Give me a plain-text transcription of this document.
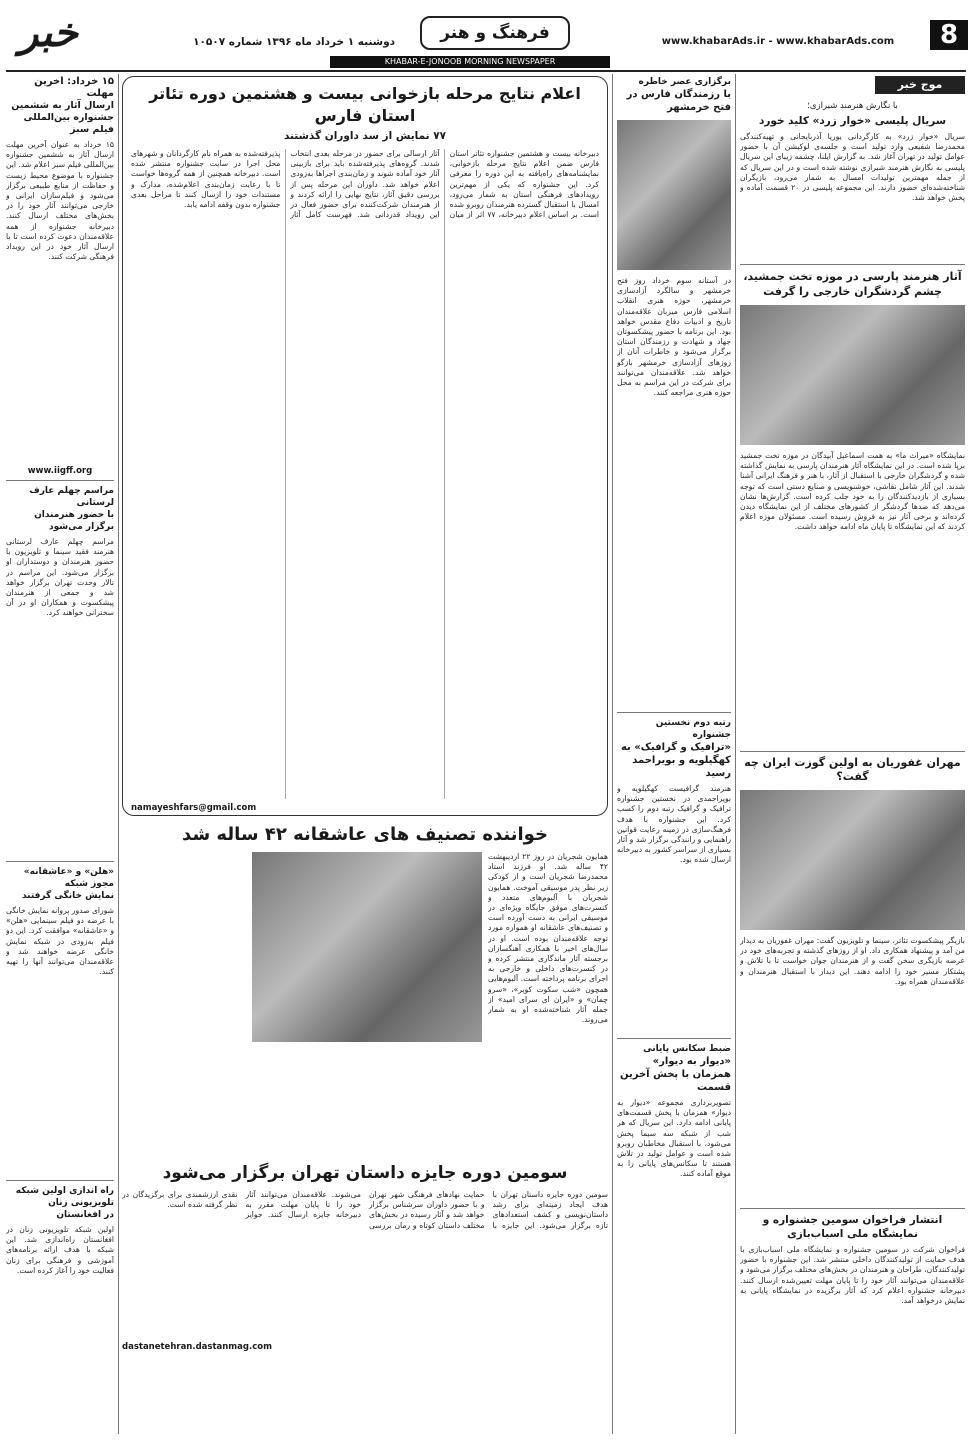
8
www.khabarAds.ir - www.khabarAds.com
فرهنگ و هنر
دوشنبه ۱ خرداد ماه ۱۳۹۶ شماره ۱۰۵۰۷
خبر
KHABAR-E-JONOOB MORNING NEWSPAPER
موج خبر
با نگارش هنرمند شیرازی؛
سریال پلیسی «خوار زرد» کلید خورد
سریال «خوار زرد» به کارگردانی یوریا آذربایجانی و تهیه‌کنندگی محمدرضا شفیعی وارد تولید است و جلسه‌ی لوکیشن آن با حضور عوامل تولید در تهران آغاز شد. به گزارش ایلنا، چشمه زیبای این سریال پلیسی به نگارش هنرمند شیرازی نوشته شده است و در این سریال که از جمله مهمترین تولیدات امسال به شمار می‌رود، بازیگران شناخته‌شده‌ای حضور دارند. این مجموعه پلیسی در ۲۰ قسمت آماده و پخش خواهد شد.
آثار هنرمند پارسی در موزه تخت جمشید، چشم گردشگران خارجی را گرفت
نمایشگاه «میراث ما» به همت اسماعیل آبیدگان در موزه تخت جمشید برپا شده است. در این نمایشگاه آثار هنرمندان پارسی به نمایش گذاشته شده و گردشگران خارجی با استقبال از آثار، با هنر و فرهنگ ایرانی آشنا شدند. این آثار شامل نقاشی، خوشنویسی و صنایع دستی است که توجه بسیاری از بازدیدکنندگان را به خود جلب کرده است. گزارش‌ها نشان می‌دهد که صدها گردشگر از کشورهای مختلف از این نمایشگاه دیدن کرده‌اند و برخی آثار نیز به فروش رسیده است. مسئولان موزه اعلام کردند که این نمایشگاه تا پایان ماه ادامه خواهد داشت.
مهران غفوریان به اولین گوزت ایران چه گفت؟
بازیگر پیشکسوت تئاتر، سینما و تلویزیون گفت: مهران غفوریان به دیدار من آمد و پیشنهاد همکاری داد. او از روزهای گذشته و تجربه‌های خود در عرصه بازیگری سخن گفت و از هنرمندان جوان خواست تا با تلاش و پشتکار مسیر خود را ادامه دهند. این دیدار با استقبال هنرمندان و علاقه‌مندان همراه بود.
انتشار فراخوان سومین جشنواره و نمایشگاه ملی اسباب‌بازی
فراخوان شرکت در سومین جشنواره و نمایشگاه ملی اسباب‌بازی با هدف حمایت از تولیدکنندگان داخلی منتشر شد. این جشنواره با حضور تولیدکنندگان، طراحان و هنرمندان در بخش‌های مختلف برگزار می‌شود و علاقه‌مندان می‌توانند آثار خود را تا پایان مهلت تعیین‌شده ارسال کنند. دبیرخانه جشنواره اعلام کرد که آثار برگزیده در نمایشگاه پایانی به نمایش درخواهد آمد.
برگزاری عصر خاطره
با رزمندگان فارس در فتح خرمشهر
در آستانه سوم خرداد روز فتح خرمشهر و سالگرد آزادسازی خرمشهر، حوزه هنری انقلاب اسلامی فارس میزبان علاقه‌مندان تاریخ و ادبیات دفاع مقدس خواهد بود. این برنامه با حضور پیشکسوتان جهاد و شهادت و رزمندگان استان برگزار می‌شود و خاطرات آنان از روزهای آزادسازی خرمشهر بازگو خواهد شد. علاقه‌مندان می‌توانند برای شرکت در این مراسم به محل حوزه هنری مراجعه کنند.
رتبه دوم نخستین جشنواره
«ترافیک و گرافیک» به کهگیلویه و بویراحمد رسید
هنرمند گرافیست کهگیلویه و بویراحمدی در نخستین جشنواره ترافیک و گرافیک رتبه دوم را کسب کرد. این جشنواره با هدف فرهنگ‌سازی در زمینه رعایت قوانین راهنمایی و رانندگی برگزار شد و آثار بسیاری از سراسر کشور به دبیرخانه ارسال شده بود.
ضبط سکانس پایانی
«دیوار به دیوار» همزمان با پخش آخرین قسمت
تصویربرداری مجموعه «دیوار به دیوار» همزمان با پخش قسمت‌های پایانی ادامه دارد. این سریال که هر شب از شبکه سه سیما پخش می‌شود، با استقبال مخاطبان روبرو شده است و عوامل تولید در تلاش هستند تا سکانس‌های پایانی را به موقع آماده کنند.
اعلام نتایج مرحله بازخوانی بیست و هشتمین دوره تئاتر استان فارس
۷۷ نمایش از سد داوران گذشتند
دبیرخانه بیست و هشتمین جشنواره تئاتر استان فارس ضمن اعلام نتایج مرحله بازخوانی، نمایشنامه‌های راه‌یافته به این دوره را معرفی کرد. این جشنواره که یکی از مهم‌ترین رویدادهای فرهنگی استان به شمار می‌رود، امسال با استقبال گسترده هنرمندان روبرو شده است. بر اساس اعلام دبیرخانه، ۷۷ اثر از میان آثار ارسالی برای حضور در مرحله بعدی انتخاب شدند. گروه‌های پذیرفته‌شده باید برای بازبینی آثار خود آماده شوند و زمان‌بندی اجراها به‌زودی اعلام خواهد شد. داوران این مرحله پس از بررسی دقیق آثار، نتایج نهایی را ارائه کردند و از هنرمندان شرکت‌کننده برای حضور فعال در این رویداد قدردانی شد. فهرست کامل آثار پذیرفته‌شده به همراه نام کارگردانان و شهرهای محل اجرا در سایت جشنواره منتشر شده است. دبیرخانه همچنین از همه گروه‌ها خواست تا با رعایت زمان‌بندی اعلام‌شده، مدارک و مستندات خود را ارسال کنند تا مراحل بعدی جشنواره بدون وقفه ادامه یابد.
namayeshfars@gmail.com
خواننده تصنیف های عاشقانه ۴۲ ساله شد
همایون شجریان در روز ۲۲ اردیبهشت ۴۲ ساله شد. او فرزند استاد محمدرضا شجریان است و از کودکی زیر نظر پدر موسیقی آموخت. همایون شجریان با آلبوم‌های متعدد و کنسرت‌های موفق جایگاه ویژه‌ای در موسیقی ایرانی به دست آورده است و تصنیف‌های عاشقانه او همواره مورد توجه علاقه‌مندان بوده است. او در سال‌های اخیر با همکاری آهنگسازان برجسته آثار ماندگاری منتشر کرده و در کنسرت‌های داخلی و خارجی به اجرای برنامه پرداخته است. آلبوم‌هایی همچون «شب سکوت کویر»، «سرو چمان» و «ایران ای سرای امید» از جمله آثار شناخته‌شده او به شمار می‌روند.
سومین دوره جایزه داستان تهران برگزار می‌شود
سومین دوره جایزه داستان تهران با هدف ایجاد زمینه‌ای برای رشد داستان‌نویسی و کشف استعدادهای تازه برگزار می‌شود. این جایزه با حمایت نهادهای فرهنگی شهر تهران و با حضور داوران سرشناس برگزار خواهد شد و آثار رسیده در بخش‌های مختلف داستان کوتاه و رمان بررسی می‌شوند. علاقه‌مندان می‌توانند آثار خود را تا پایان مهلت مقرر به دبیرخانه جایزه ارسال کنند. جوایز نقدی ارزشمندی برای برگزیدگان در نظر گرفته شده است.
dastanetehran.dastanmag.com
۱۵ خرداد: آخرین مهلت
ارسال آثار به ششمین
جشنواره بین‌المللی
فیلم سبز
۱۵ خرداد به عنوان آخرین مهلت ارسال آثار به ششمین جشنواره بین‌المللی فیلم سبز اعلام شد. این جشنواره با موضوع محیط زیست و حفاظت از منابع طبیعی برگزار می‌شود و فیلم‌سازان ایرانی و خارجی می‌توانند آثار خود را در بخش‌های مختلف ارسال کنند. دبیرخانه جشنواره از همه علاقه‌مندان دعوت کرده است تا با ارسال آثار خود در این رویداد فرهنگی شرکت کنند.
www.iigff.org
مراسم چهلم عارف لرستانی
با حضور هنرمندان
برگزار می‌شود
مراسم چهلم عارف لرستانی هنرمند فقید سینما و تلویزیون با حضور هنرمندان و دوستداران او برگزار می‌شود. این مراسم در تالار وحدت تهران برگزار خواهد شد و جمعی از هنرمندان پیشکسوت و همکاران او در آن سخنرانی خواهند کرد.
«هلن» و «عاشقانه»
مجوز شبکه
نمایش خانگی گرفتند
شورای صدور پروانه نمایش خانگی با عرضه دو فیلم سینمایی «هلن» و «عاشقانه» موافقت کرد. این دو فیلم به‌زودی در شبکه نمایش خانگی عرضه خواهند شد و علاقه‌مندان می‌توانند آنها را تهیه کنند.
راه اندازی اولین شبکه
تلویزیونی زنان
در افغانستان
اولین شبکه تلویزیونی زنان در افغانستان راه‌اندازی شد. این شبکه با هدف ارائه برنامه‌های آموزشی و فرهنگی برای زنان فعالیت خود را آغاز کرده است.
